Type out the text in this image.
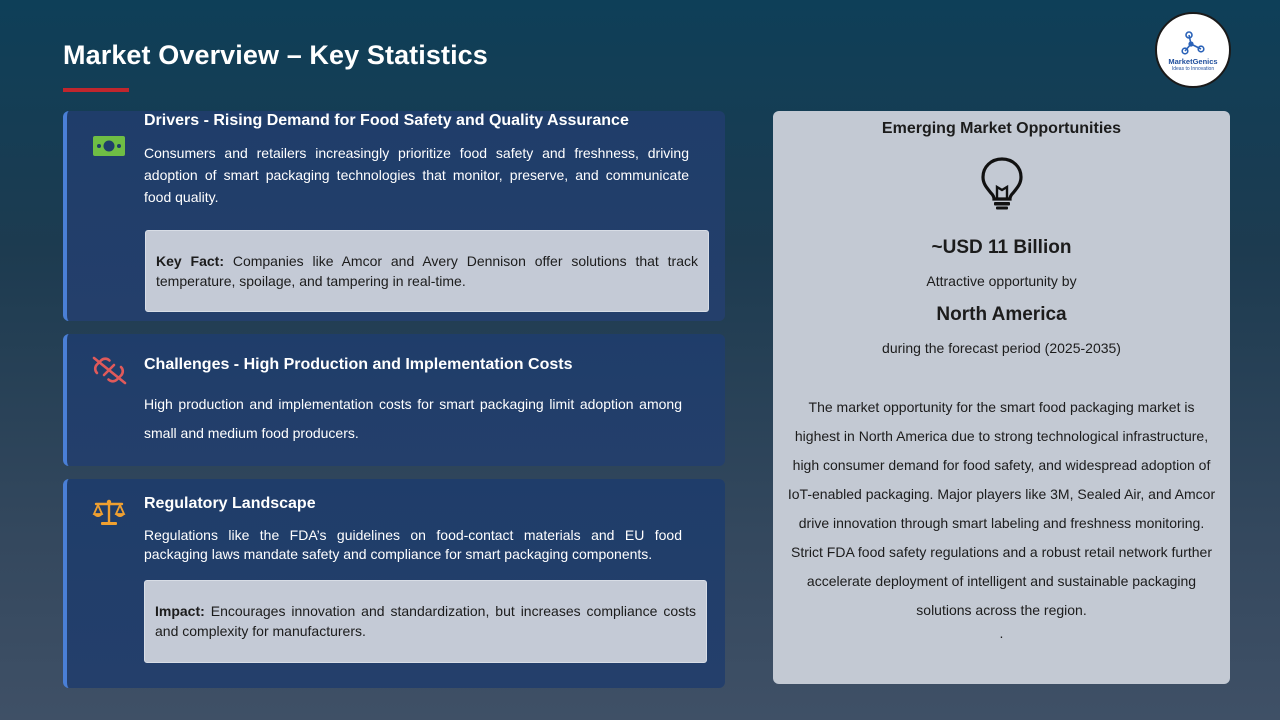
Market Overview – Key Statistics	MarketGenics
Ideas to Innovation
Drivers - Rising Demand for Food Safety and Quality Assurance
Consumers and retailers increasingly prioritize food safety and freshness, driving adoption of smart packaging technologies that monitor, preserve, and communicate food quality.
Key Fact: Companies like Amcor and Avery Dennison offer solutions that track temperature, spoilage, and tampering in real-time.
Challenges - High Production and Implementation Costs
High production and implementation costs for smart packaging limit adoption among small and medium food producers.
Regulatory Landscape
Regulations like the FDA’s guidelines on food-contact materials and EU food packaging laws mandate safety and compliance for smart packaging components.
Impact: Encourages innovation and standardization, but increases compliance costs and complexity for manufacturers.
Emerging Market Opportunities
~USD 11 Billion
Attractive opportunity by
North America
during the forecast period (2025-2035)
The market opportunity for the smart food packaging market is highest in North America due to strong technological infrastructure, high consumer demand for food safety, and widespread adoption of IoT-enabled packaging. Major players like 3M, Sealed Air, and Amcor drive innovation through smart labeling and freshness monitoring. Strict FDA food safety regulations and a robust retail network further accelerate deployment of intelligent and sustainable packaging solutions across the region.
.
